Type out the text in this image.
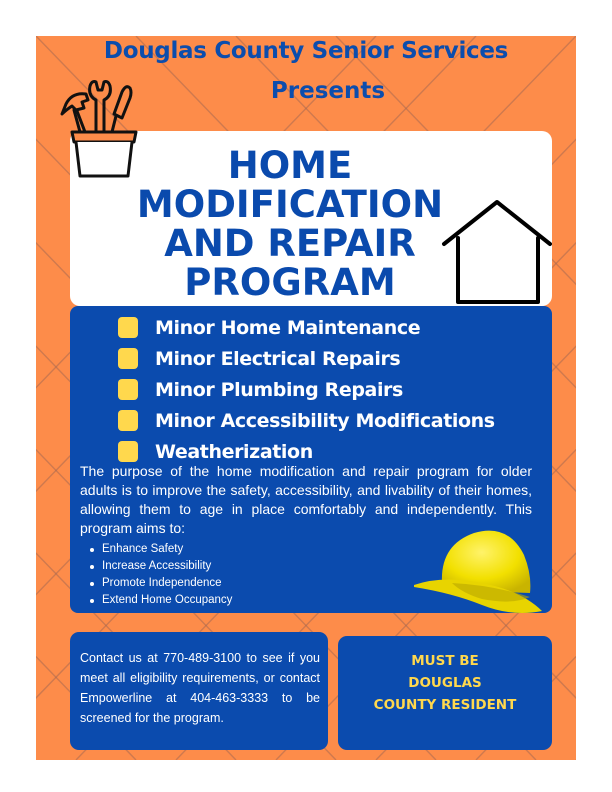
Douglas County Senior Services
Presents
HOME
MODIFICATION
AND REPAIR
PROGRAM
Minor Home Maintenance
Minor Electrical Repairs
Minor Plumbing Repairs
Minor Accessibility Modifications
Weatherization
The purpose of the home modification and repair program for older adults is to improve the safety, accessibility, and livability of their homes, allowing them to age in place comfortably and independently. This program aims to:
Enhance Safety
Increase Accessibility
Promote Independence
Extend Home Occupancy
Contact us at 770-489-3100 to see if you meet all eligibility requirements, or contact Empowerline at 404-463-3333 to be screened for the program.
MUST BE
DOUGLAS
COUNTY RESIDENT
